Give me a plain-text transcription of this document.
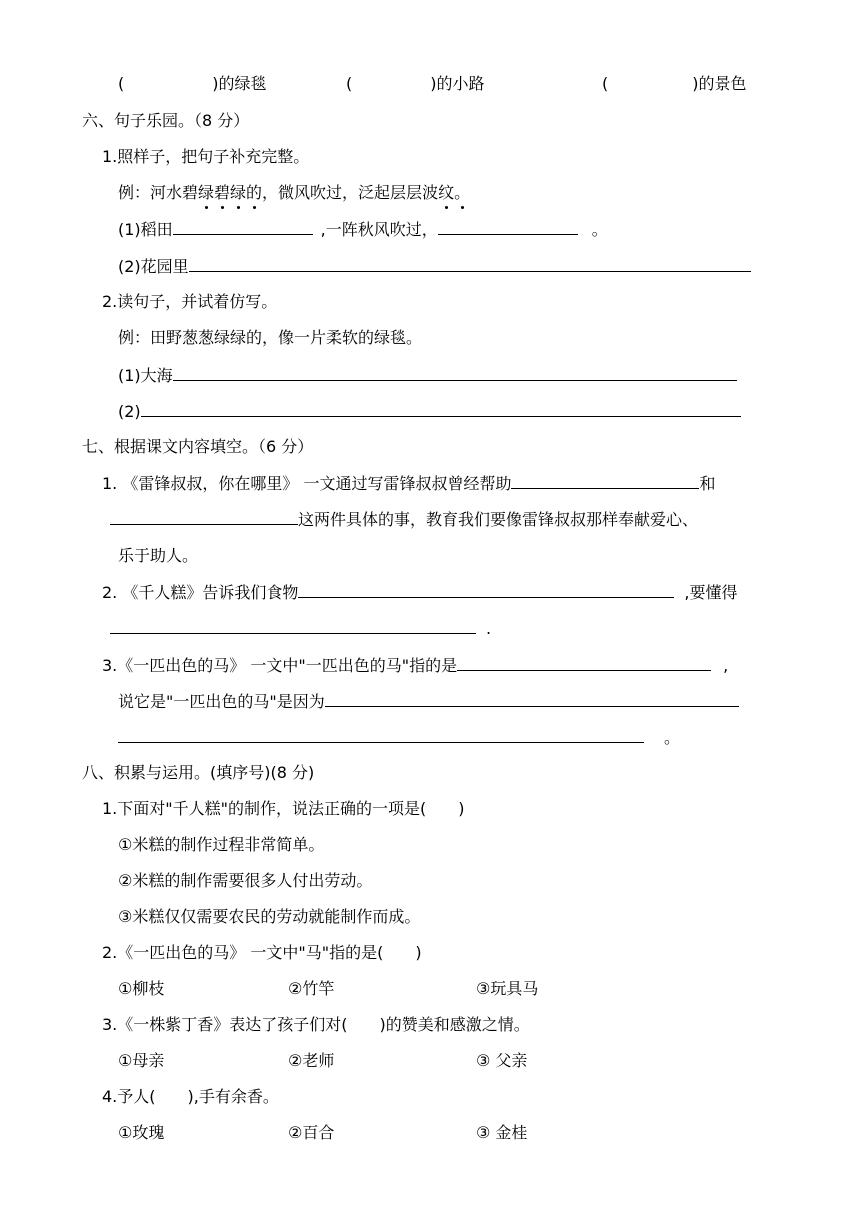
(	)的绿毯	(	)的小路	(	)的景色
六、句子乐园。（8 分）
1.照样子，把句子补充完整。
例：河水碧绿碧绿的，微风吹过，泛起层层波纹。
(1)稻田	,一阵秋风吹过，	。
(2)花园里
2.读句子，并试着仿写。
例：田野葱葱绿绿的，像一片柔软的绿毯。
(1)大海
(2)
七、根据课文内容填空。（6 分）
1. 《雷锋叔叔，你在哪里》 一文通过写雷锋叔叔曾经帮助	和
这两件具体的事，教育我们要像雷锋叔叔那样奉献爱心、
乐于助人。
2. 《千人糕》告诉我们食物	,要懂得
.
3.《一匹出色的马》 一文中"一匹出色的马"指的是	,
说它是"一匹出色的马"是因为
。
八、积累与运用。(填序号)(8 分)
1.下面对"千人糕"的制作，说法正确的一项是(　　)
①米糕的制作过程非常简单。
②米糕的制作需要很多人付出劳动。
③米糕仅仅需要农民的劳动就能制作而成。
2.《一匹出色的马》 一文中"马"指的是(　　)
①柳枝	②竹竿	③玩具马
3.《一株紫丁香》表达了孩子们对(　　)的赞美和感激之情。
①母亲	②老师	③ 父亲
4.予人(　　),手有余香。
①玫瑰	②百合	③ 金桂
